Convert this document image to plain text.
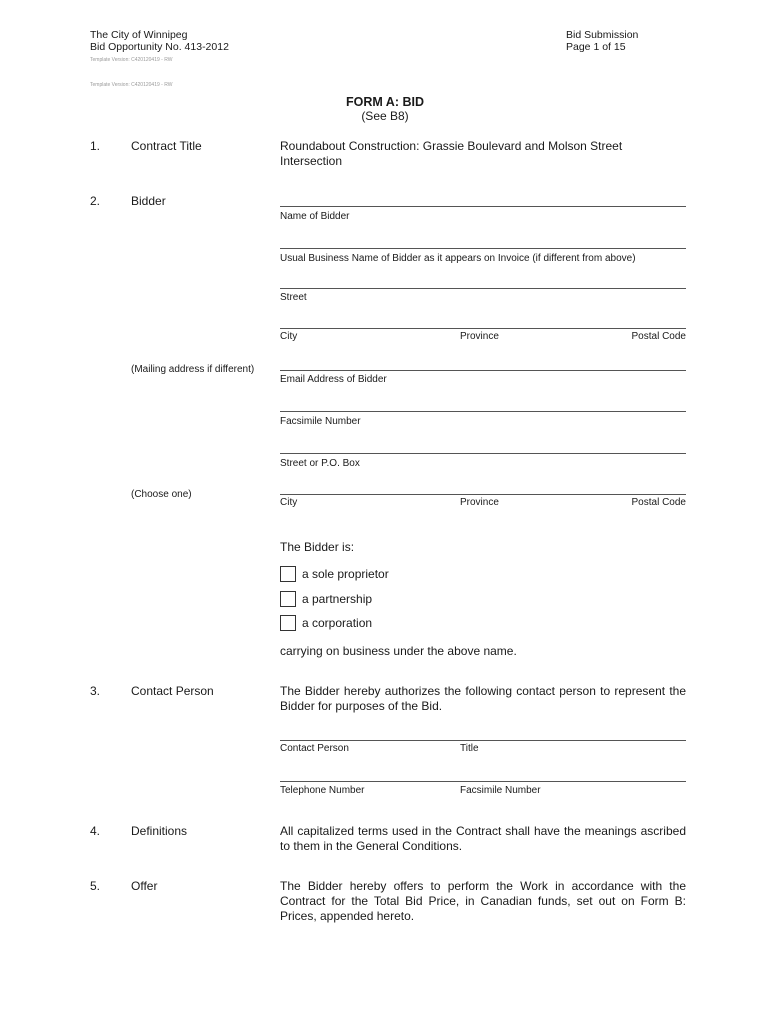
The City of Winnipeg
Bid Opportunity No. 413-2012
Bid Submission
Page 1 of 15
Template Version: C420120419 - RW
Template Version: C420120419 - RW
FORM A: BID
(See B8)
1.	Contract Title	Roundabout Construction: Grassie Boulevard and Molson Street
Intersection
2.	Bidder
Name of Bidder
Usual Business Name of Bidder as it appears on Invoice (if different from above)
Street
City	Province	Postal Code
(Mailing address if different)
Email Address of Bidder
Facsimile Number
Street or P.O. Box
(Choose one)
City	Province	Postal Code
The Bidder is:
a sole proprietor
a partnership
a corporation
carrying on business under the above name.
3.	Contact Person	The Bidder hereby authorizes the following contact person to represent the Bidder for purposes of the Bid.
Contact Person	Title
Telephone Number	Facsimile Number
4.	Definitions	All capitalized terms used in the Contract shall have the meanings ascribed to them in the General Conditions.
5.	Offer	The Bidder hereby offers to perform the Work in accordance with the Contract for the Total Bid Price, in Canadian funds, set out on Form B: Prices, appended hereto.
